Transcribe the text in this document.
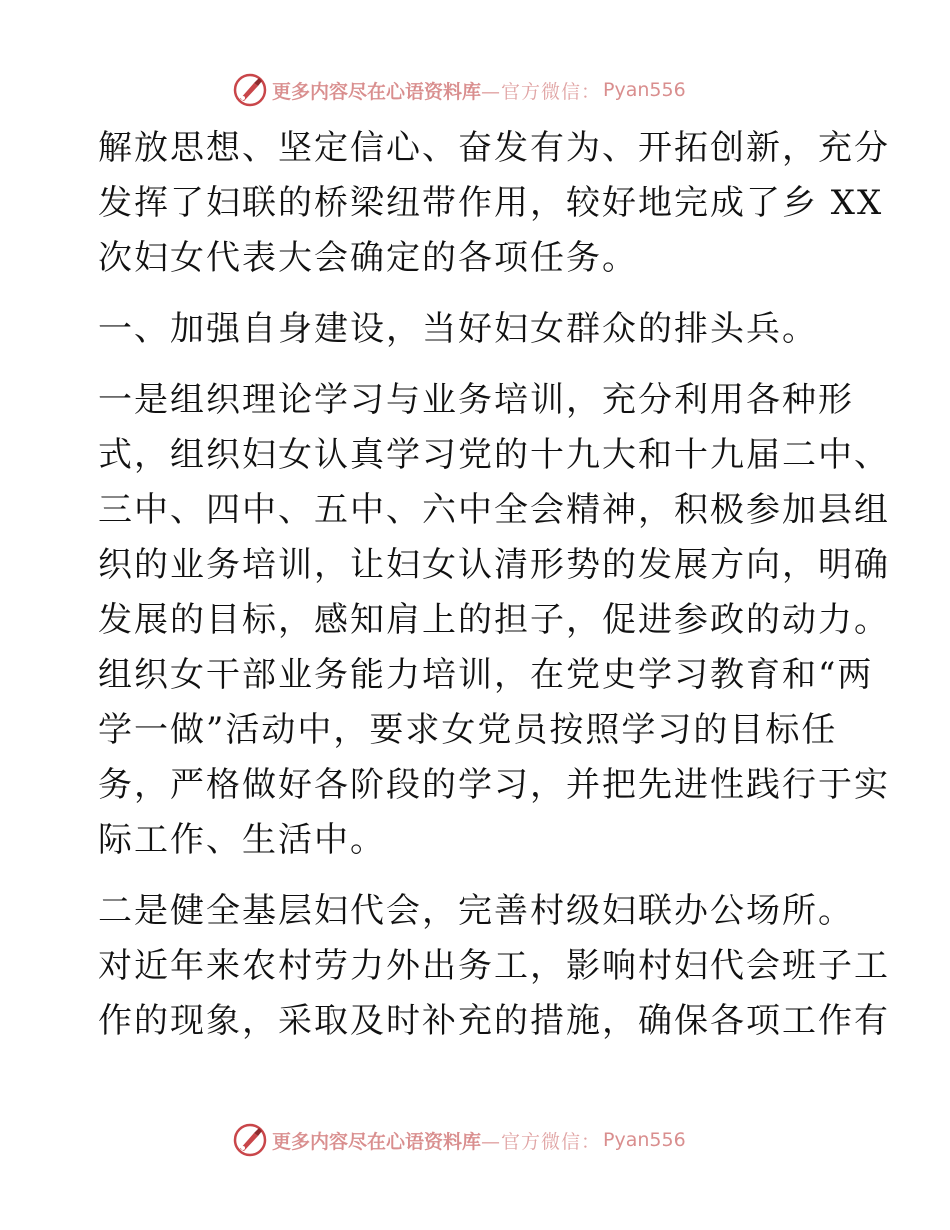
更多内容尽在心语资料库 —官方微信： Pyan556
解放思想、坚定信心、奋发有为、开拓创新，充分
发挥了妇联的桥梁纽带作用，较好地完成了乡 XX
次妇女代表大会确定的各项任务。
一、加强自身建设，当好妇女群众的排头兵。
一是组织理论学习与业务培训，充分利用各种形
式，组织妇女认真学习党的十九大和十九届二中、
三中、四中、五中、六中全会精神，积极参加县组
织的业务培训，让妇女认清形势的发展方向，明确
发展的目标，感知肩上的担子，促进参政的动力。
组织女干部业务能力培训，在党史学习教育和“两
学一做”活动中，要求女党员按照学习的目标任
务，严格做好各阶段的学习，并把先进性践行于实
际工作、生活中。
二是健全基层妇代会，完善村级妇联办公场所。
对近年来农村劳力外出务工，影响村妇代会班子工
作的现象，采取及时补充的措施，确保各项工作有
更多内容尽在心语资料库 —官方微信： Pyan556
